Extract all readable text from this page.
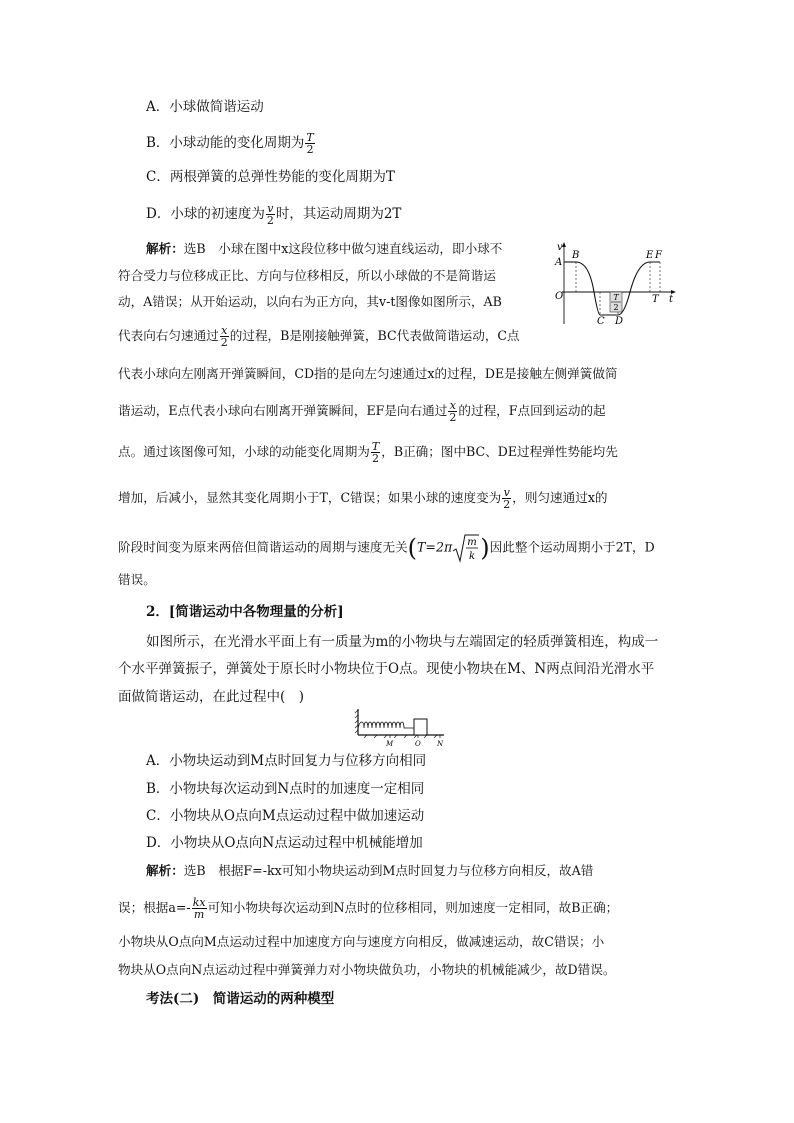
A．小球做简谐运动
B．小球动能的变化周期为 $\frac{T}{2}$
C．两根弹簧的总弹性势能的变化周期为T
D．小球的初速度为 $\frac{v}{2}$ 时，其运动周期为2T
解析：选B　小球在图中x这段位移中做匀速直线运动，即小球不
符合受力与位移成正比、方向与位移相反，所以小球做的不是简谐运
动，A错误；从开始运动，以向右为正方向，其v-t图像如图所示，AB
代表向右匀速通过 $\frac{x}{2}$ 的过程，B是刚接触弹簧，BC代表做简谐运动，C点
代表小球向左刚离开弹簧瞬间，CD指的是向左匀速通过x的过程，DE是接触左侧弹簧做简
谐运动，E点代表小球向右刚离开弹簧瞬间，EF是向右通过 $\frac{x}{2}$ 的过程，F点回到运动的起
点。通过该图像可知，小球的动能变化周期为 $\frac{T}{2}$ ，B正确；图中BC、DE过程弹性势能均先
增加，后减小，显然其变化周期小于T，C错误；如果小球的速度变为 $\frac{v}{2}$ ，则匀速通过x的
阶段时间变为原来两倍但简谐运动的周期与速度无关(T=2π m
k )因此整个运动周期小于2T，D
错误。
v
t
O
A
B
C D
E F
T
T
2
2．[简谐运动中各物理量的分析]
如图所示，在光滑水平面上有一质量为m的小物块与左端固定的轻质弹簧相连，构成一
个水平弹簧振子，弹簧处于原长时小物块位于O点。现使小物块在M、N两点间沿光滑水平
面做简谐运动，在此过程中(　)
M	O N
A．小物块运动到M点时回复力与位移方向相同
B．小物块每次运动到N点时的加速度一定相同
C．小物块从O点向M点运动过程中做加速运动
D．小物块从O点向N点运动过程中机械能增加
解析：选B　根据F=-kx可知小物块运动到M点时回复力与位移方向相反，故A错
误；根据$a=- \frac{kx}{m}$ 可知小物块每次运动到N点时的位移相同，则加速度一定相同，故B正确；
小物块从O点向M点运动过程中加速度方向与速度方向相反，做减速运动，故C错误；小
物块从O点向N点运动过程中弹簧弹力对小物块做负功，小物块的机械能减少，故D错误。
考法(二)　简谐运动的两种模型
